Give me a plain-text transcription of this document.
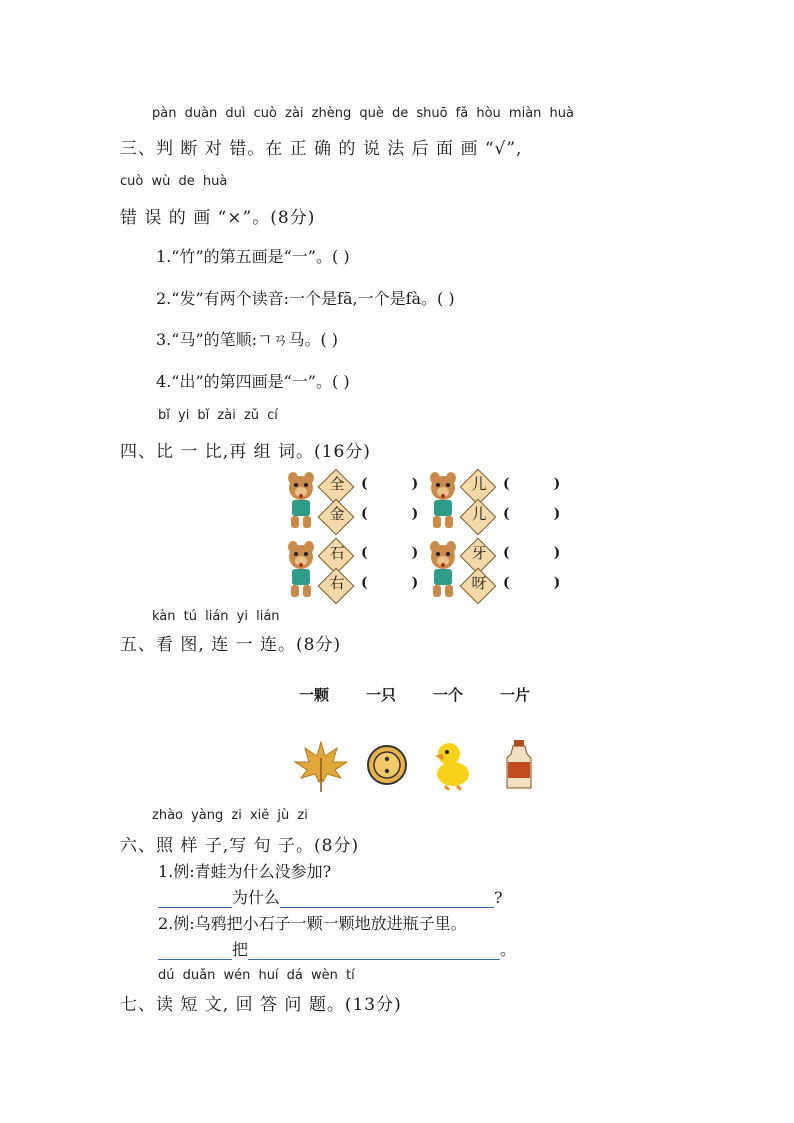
pàn duàn duì cuò zài zhèng què de shuō fǎ hòu miàn huà
三、判 断 对 错。在 正 确 的 说 法 后 面 画 “√”,
cuò wù de huà
错 误 的 画 “×”。(8分)
1.“竹”的第五画是“一”。( )
2.“发”有两个读音:一个是fā,一个是fà。( )
3.“马”的笔顺:ㄱㄢ马。( )
4.“出”的第四画是“一”。( )
bǐ yi bǐ zài zǔ cí
四、比 一 比,再 组 词。(16分)
全
金
(	)
(	)
儿
儿
(	)
(	)
石
右
(	)
(	)
牙
呀
(	)
(	)
kàn tú lián yi lián
五、看 图, 连 一 连。(8分)
一颗 一只 一个 一片
zhào yàng zi xiě jù zi
六、照 样 子,写 句 子。(8分)
1.例:青蛙为什么没参加?
为什么	?
2.例:乌鸦把小石子一颗一颗地放进瓶子里。
把	。
dú duǎn wén huí dá wèn tí
七、读 短 文, 回 答 问 题。(13分)
